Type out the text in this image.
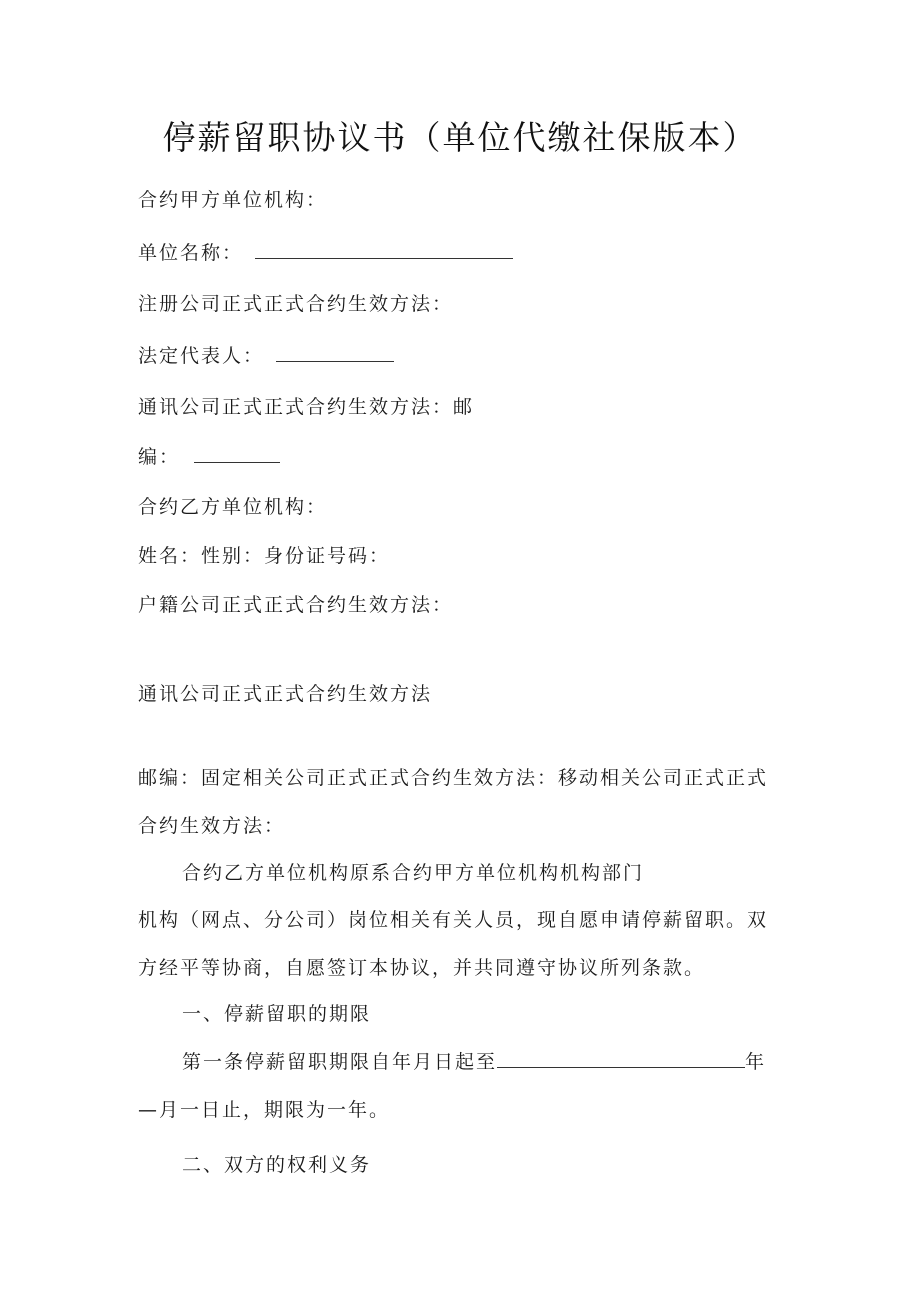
停薪留职协议书（单位代缴社保版本）
合约甲方单位机构：
单位名称：
注册公司正式正式合约生效方法：
法定代表人：
通讯公司正式正式合约生效方法：邮
编：
合约乙方单位机构：
姓名：性别：身份证号码：
户籍公司正式正式合约生效方法：
通讯公司正式正式合约生效方法
邮编：固定相关公司正式正式合约生效方法：移动相关公司正式正式
合约生效方法：
合约乙方单位机构原系合约甲方单位机构机构部门
机构（网点、分公司）岗位相关有关人员，现自愿申请停薪留职。双
方经平等协商，自愿签订本协议，并共同遵守协议所列条款。
一、停薪留职的期限
第一条停薪留职期限自年月日起至	年
—月一日止，期限为一年。
二、双方的权利义务
